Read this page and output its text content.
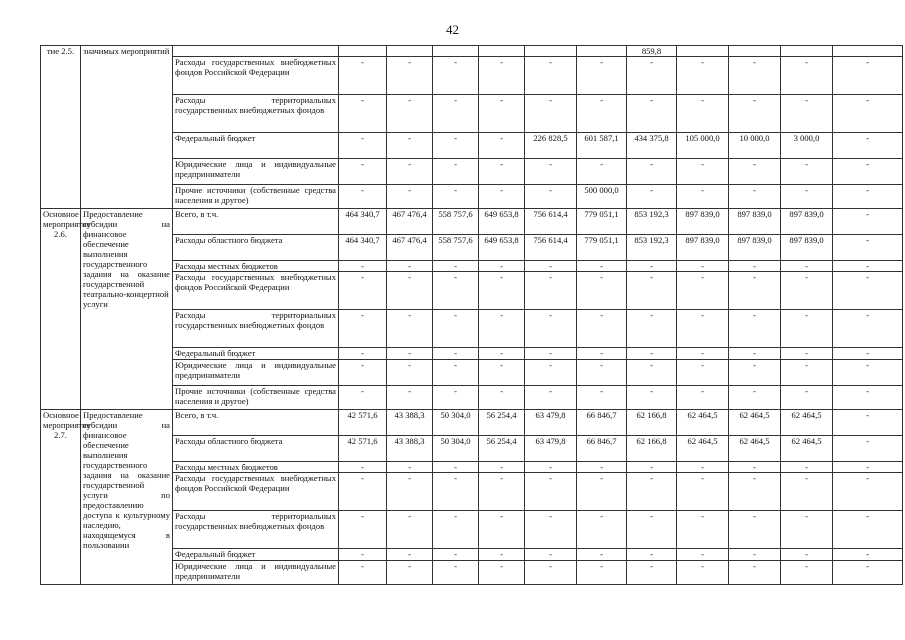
42
тие 2.5.	значимых мероприятий								859,8				
		Расходы государственных внебюджетных фондов Российской Федерации	-	-	-	-	-	-	-	-	-	-	-
		Расходы территориальных государственных внебюджетных фондов	-	-	-	-	-	-	-	-	-	-	-
		Федеральный бюджет	-	-	-	-	226 828,5	601 587,1	434 375,8	105 000,0	10 000,0	3 000,0	-
		Юридические лица и индивидуальные предприниматели	-	-	-	-	-	-	-	-	-	-	-
		Прочие источники (собственные средства населения и другое)	-	-	-	-	-	500 000,0	-	-	-	-	-
Основное мероприятие 2.6.	Предоставление субсидии на финансовое обеспечение выполнения государственного задания на оказание государственной театрально-концертной услуги	Всего, в т.ч.	464 340,7	467 476,4	558 757,6	649 653,8	756 614,4	779 051,1	853 192,3	897 839,0	897 839,0	897 839,0	-
		Расходы областного бюджета	464 340,7	467 476,4	558 757,6	649 653,8	756 614,4	779 051,1	853 192,3	897 839,0	897 839,0	897 839,0	-
		Расходы местных бюджетов	-	-	-	-	-	-	-	-	-	-	-
		Расходы государственных внебюджетных фондов Российской Федерации	-	-	-	-	-	-	-	-	-	-	-
		Расходы территориальных государственных внебюджетных фондов	-	-	-	-	-	-	-	-	-	-	-
		Федеральный бюджет	-	-	-	-	-	-	-	-	-	-	-
		Юридические лица и индивидуальные предприниматели	-	-	-	-	-	-	-	-	-	-	-
		Прочие источники (собственные средства населения и другое)	-	-	-	-	-	-	-	-	-	-	-
Основное мероприятие 2.7.	Предоставление субсидии на финансовое обеспечение выполнения государственного задания на оказание государственной услуги по предоставлению доступа к культурному наследию, находящемуся в пользовании	Всего, в т.ч.	42 571,6	43 388,3	50 304,0	56 254,4	63 479,8	66 846,7	62 166,8	62 464,5	62 464,5	62 464,5	-
		Расходы областного бюджета	42 571,6	43 388,3	50 304,0	56 254,4	63 479,8	66 846,7	62 166,8	62 464,5	62 464,5	62 464,5	-
		Расходы местных бюджетов	-	-	-	-	-	-	-	-	-	-	-
		Расходы государственных внебюджетных фондов Российской Федерации	-	-	-	-	-	-	-	-	-	-	-
		Расходы территориальных государственных внебюджетных фондов	-	-	-	-	-	-	-	-	-	-	-
		Федеральный бюджет	-	-	-	-	-	-	-	-	-	-	-
		Юридические лица и индивидуальные предприниматели	-	-	-	-	-	-	-	-	-	-	-
